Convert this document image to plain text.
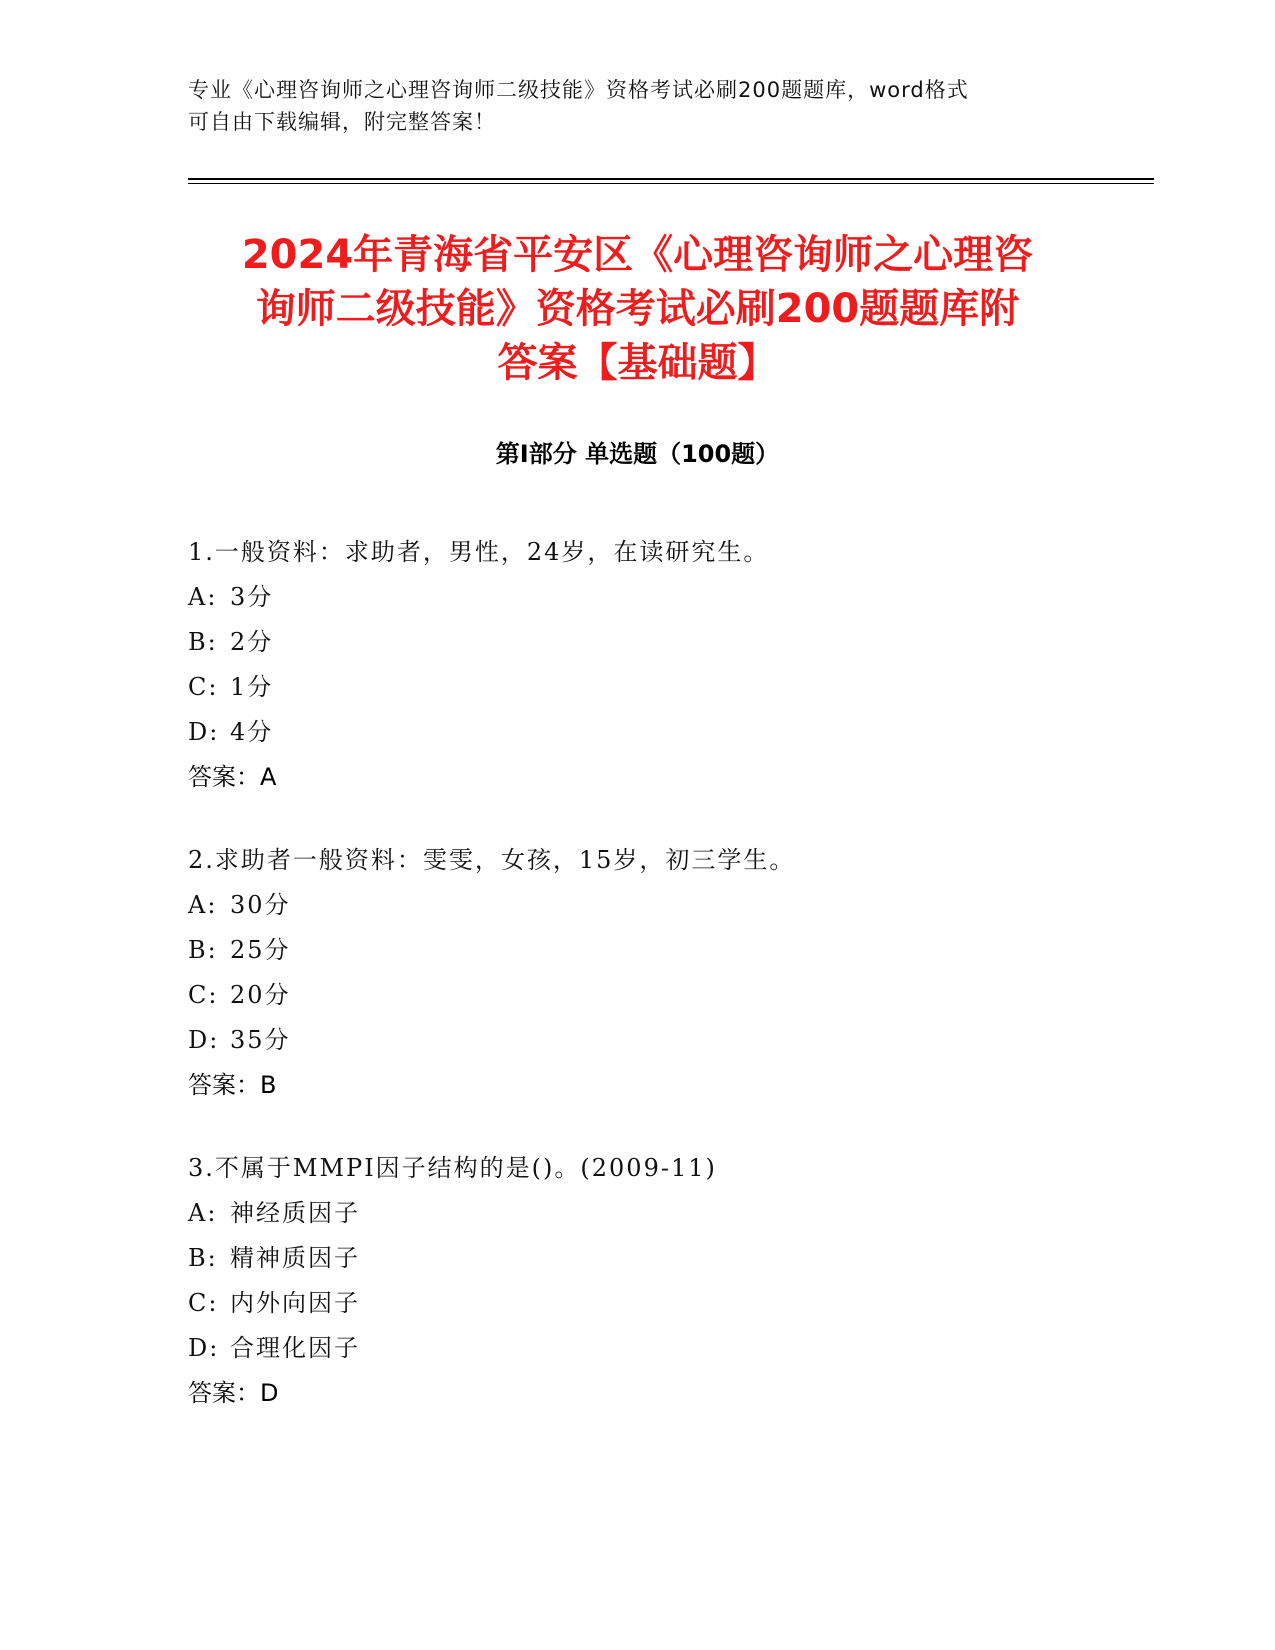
专业《心理咨询师之心理咨询师二级技能》资格考试必刷200题题库，word格式
可自由下载编辑，附完整答案！
2024年青海省平安区《心理咨询师之心理咨
询师二级技能》资格考试必刷200题题库附
答案【基础题】
第Ⅰ部分 单选题（100题）
1.一般资料：求助者，男性，24岁，在读研究生。
A: 3分
B: 2分
C: 1分
D: 4分
答案：A
2.求助者一般资料：雯雯，女孩，15岁，初三学生。
A: 30分
B: 25分
C: 20分
D: 35分
答案：B
3.不属于MMPI因子结构的是()。(2009-11)
A: 神经质因子
B: 精神质因子
C: 内外向因子
D: 合理化因子
答案：D
